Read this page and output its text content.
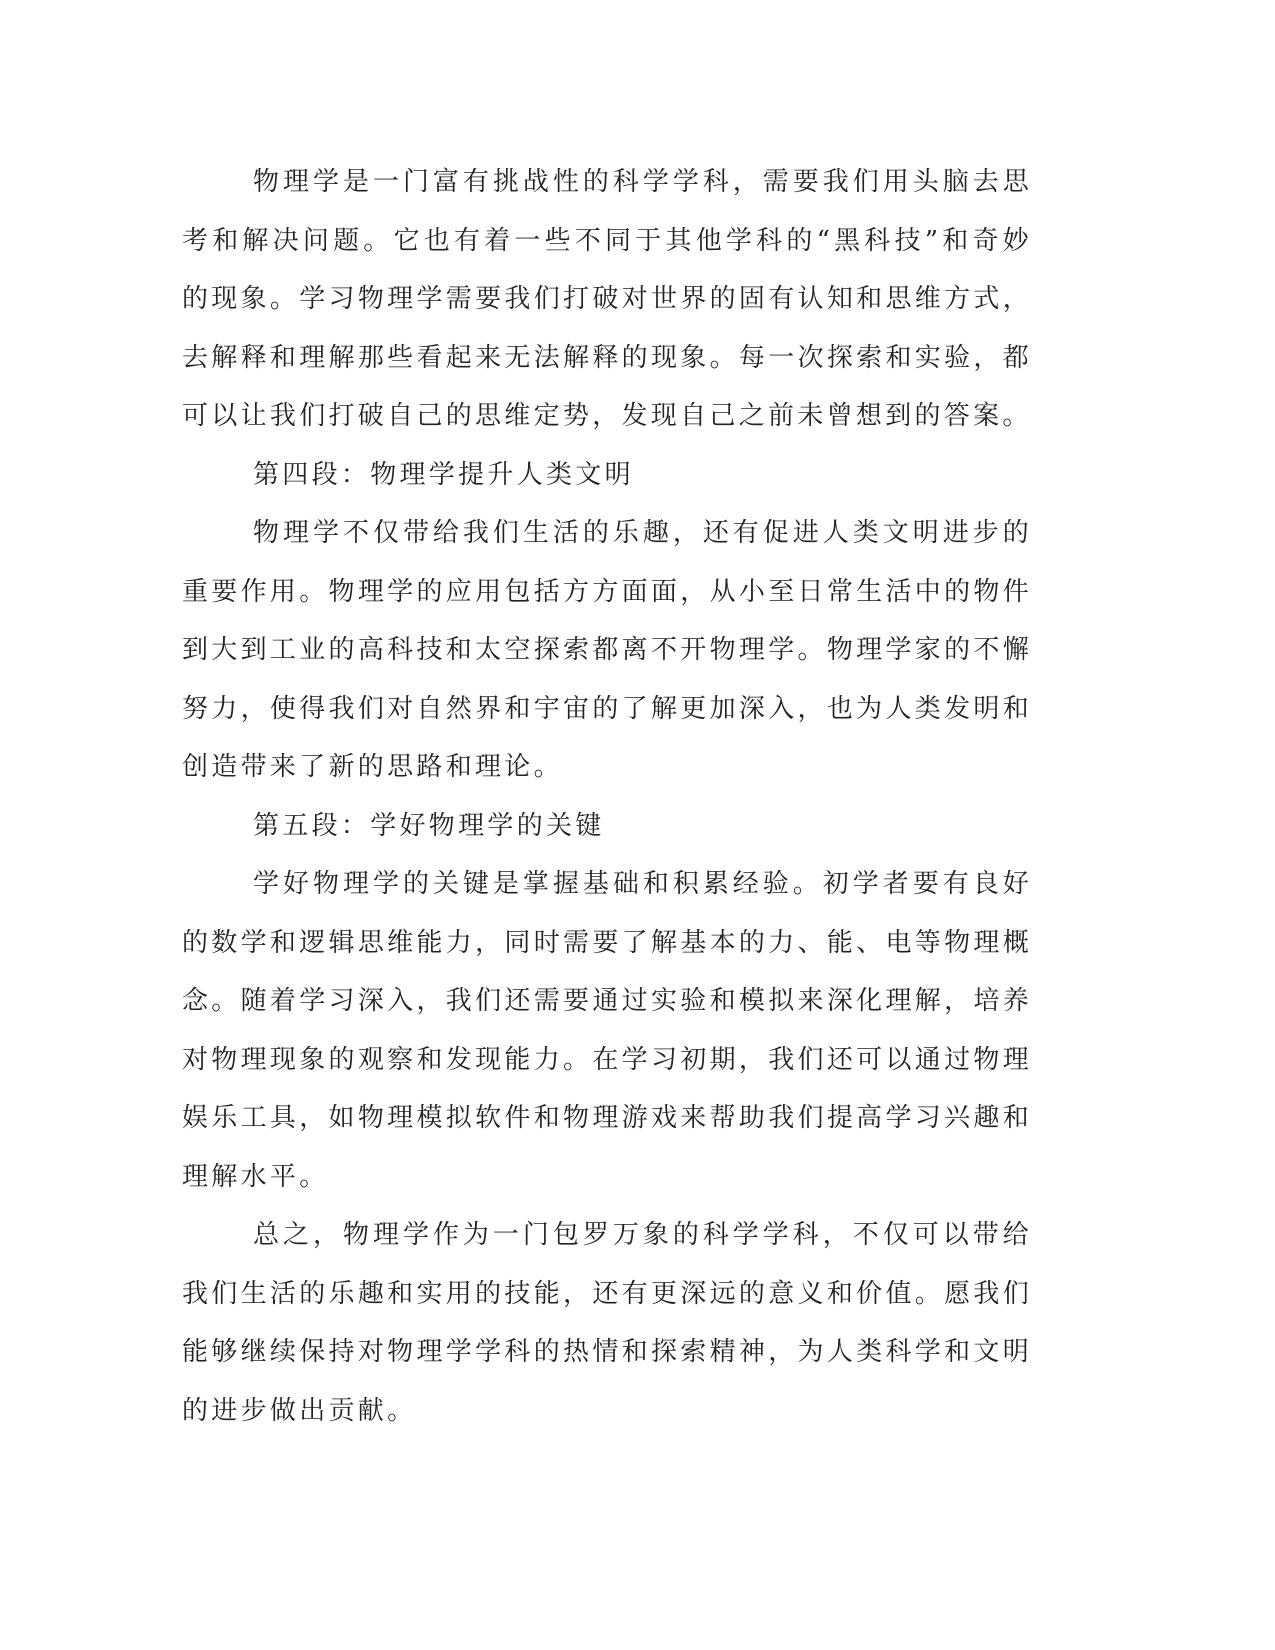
物理学是一门富有挑战性的科学学科，需要我们用头脑去思考和解决问题。它也有着一些不同于其他学科的“黑科技”和奇妙的现象。学习物理学需要我们打破对世界的固有认知和思维方式，去解释和理解那些看起来无法解释的现象。每一次探索和实验，都可以让我们打破自己的思维定势，发现自己之前未曾想到的答案。

第四段：物理学提升人类文明

物理学不仅带给我们生活的乐趣，还有促进人类文明进步的重要作用。物理学的应用包括方方面面，从小至日常生活中的物件到大到工业的高科技和太空探索都离不开物理学。物理学家的不懈努力，使得我们对自然界和宇宙的了解更加深入，也为人类发明和创造带来了新的思路和理论。

第五段：学好物理学的关键

学好物理学的关键是掌握基础和积累经验。初学者要有良好的数学和逻辑思维能力，同时需要了解基本的力、能、电等物理概念。随着学习深入，我们还需要通过实验和模拟来深化理解，培养对物理现象的观察和发现能力。在学习初期，我们还可以通过物理娱乐工具，如物理模拟软件和物理游戏来帮助我们提高学习兴趣和理解水平。

总之，物理学作为一门包罗万象的科学学科，不仅可以带给我们生活的乐趣和实用的技能，还有更深远的意义和价值。愿我们能够继续保持对物理学学科的热情和探索精神，为人类科学和文明的进步做出贡献。
